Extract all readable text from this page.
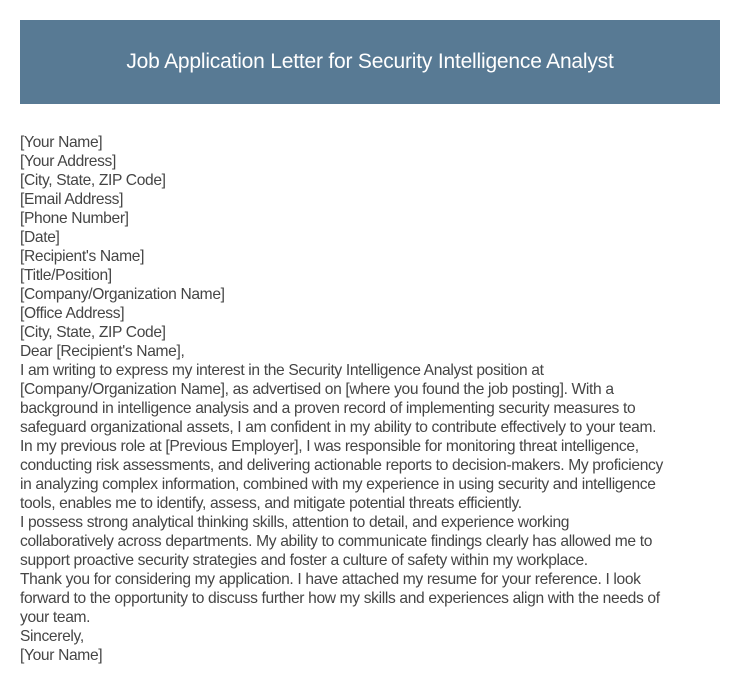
Job Application Letter for Security Intelligence Analyst
[Your Name]
[Your Address]
[City, State, ZIP Code]
[Email Address]
[Phone Number]
[Date]
[Recipient's Name]
[Title/Position]
[Company/Organization Name]
[Office Address]
[City, State, ZIP Code]
Dear [Recipient's Name],
I am writing to express my interest in the Security Intelligence Analyst position at
[Company/Organization Name], as advertised on [where you found the job posting]. With a
background in intelligence analysis and a proven record of implementing security measures to
safeguard organizational assets, I am confident in my ability to contribute effectively to your team.
In my previous role at [Previous Employer], I was responsible for monitoring threat intelligence,
conducting risk assessments, and delivering actionable reports to decision-makers. My proficiency
in analyzing complex information, combined with my experience in using security and intelligence
tools, enables me to identify, assess, and mitigate potential threats efficiently.
I possess strong analytical thinking skills, attention to detail, and experience working
collaboratively across departments. My ability to communicate findings clearly has allowed me to
support proactive security strategies and foster a culture of safety within my workplace.
Thank you for considering my application. I have attached my resume for your reference. I look
forward to the opportunity to discuss further how my skills and experiences align with the needs of
your team.
Sincerely,
[Your Name]
